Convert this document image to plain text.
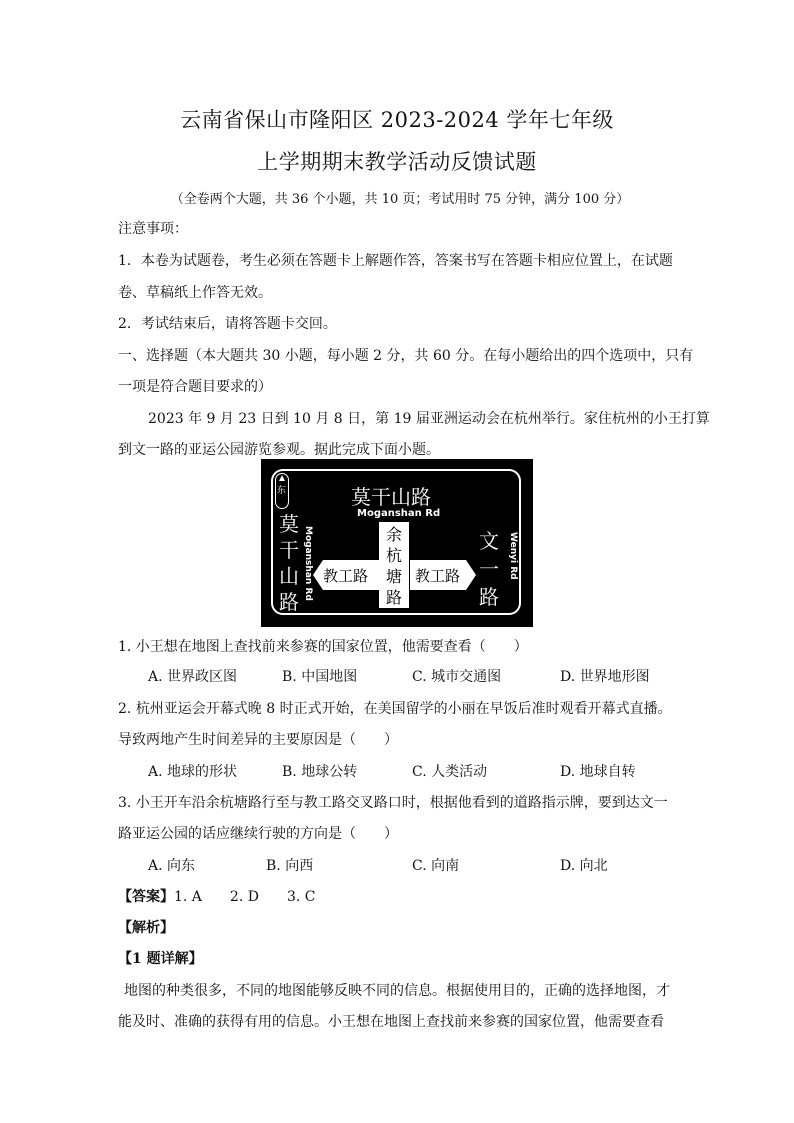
云南省保山市隆阳区 2023-2024 学年七年级
上学期期末教学活动反馈试题
（全卷两个大题，共 36 个小题，共 10 页；考试用时 75 分钟，满分 100 分）
注意事项：
1．本卷为试题卷，考生必须在答题卡上解题作答，答案书写在答题卡相应位置上，在试题
卷、草稿纸上作答无效。
2．考试结束后，请将答题卡交回。
一、选择题（本大题共 30 小题，每小题 2 分，共 60 分。在每小题给出的四个选项中，只有
一项是符合题目要求的）
2023 年 9 月 23 日到 10 月 8 日，第 19 届亚洲运动会在杭州举行。家住杭州的小王打算
到文一路的亚运公园游览参观。据此完成下面小题。
东	莫干山路
Moganshan Rd
莫
干
山
路
Moganshan Rd	余
杭
塘
路
教工路	教工路
文
一
路
Wenyi Rd
1. 小王想在地图上查找前来参赛的国家位置，他需要查看（　　）
A. 世界政区图	B. 中国地图	C. 城市交通图	D. 世界地形图
2. 杭州亚运会开幕式晚 8 时正式开始，在美国留学的小丽在早饭后准时观看开幕式直播。
导致两地产生时间差异的主要原因是（　　）
A. 地球的形状	B. 地球公转	C. 人类活动	D. 地球自转
3. 小王开车沿余杭塘路行至与教工路交叉路口时，根据他看到的道路指示牌，要到达文一
路亚运公园的话应继续行驶的方向是（　　）
A. 向东	B. 向西	C. 向南	D. 向北
【答案】1. A　　2. D　　3. C
【解析】
【1 题详解】
地图的种类很多，不同的地图能够反映不同的信息。根据使用目的，正确的选择地图，才
能及时、准确的获得有用的信息。小王想在地图上查找前来参赛的国家位置，他需要查看
